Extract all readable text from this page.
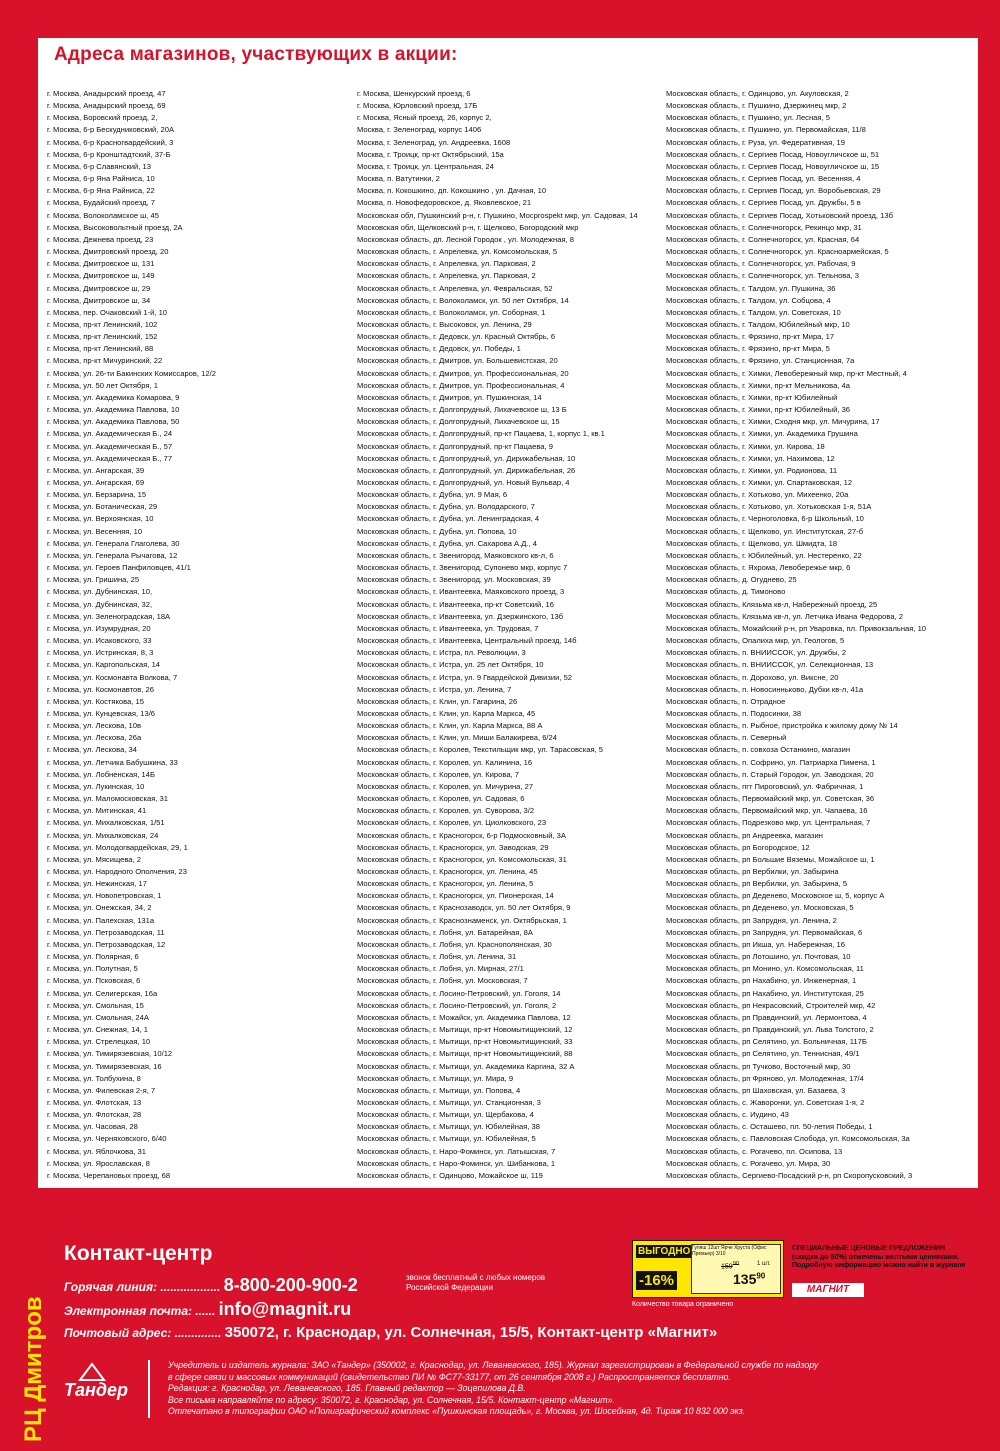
Адреса магазинов, участвующих в акции:
г. Москва, Анадырский проезд, 47
г. Москва, Анадырский проезд, 69
г. Москва, Боровский проезд, 2,
г. Москва, 6-р Бескудниковский, 20А
г. Москва, 6-р Красногвардейский, 3
г. Москва, 6-р Кронштадтский, 37-Б
г. Москва, 6-р Славянский, 13
г. Москва, 6-р Яна Райниса, 10
г. Москва, 6-р Яна Райниса, 22
г. Москва, Будайский проезд, 7
г. Москва, Волоколамское ш, 45
г. Москва, Высоковольтный проезд, 2А
г. Москва, Дежнева проезд, 23
г. Москва, Дмитровский проезд, 20
г. Москва, Дмитровское ш, 131
г. Москва, Дмитровское ш, 149
г. Москва, Дмитровское ш, 29
г. Москва, Дмитровское ш, 34
г. Москва, пер. Очаковский 1-й, 10
г. Москва, пр-кт Ленинский, 102
г. Москва, пр-кт Ленинский, 152
г. Москва, пр-кт Ленинский, 88
г. Москва, пр-кт Мичуринский, 22
г. Москва, ул. 26-ти Бакинских Комиссаров, 12/2
г. Москва, ул. 50 лет Октября, 1
г. Москва, ул. Академика Комарова, 9
г. Москва, ул. Академика Павлова, 10
г. Москва, ул. Академика Павлова, 50
г. Москва, ул. Академическая Б., 24
г. Москва, ул. Академическая Б., 57
г. Москва, ул. Академическая Б., 77
г. Москва, ул. Ангарская, 39
г. Москва, ул. Ангарская, 69
г. Москва, ул. Берзарина, 15
г. Москва, ул. Ботаническая, 29
г. Москва, ул. Верхоянская, 10
г. Москва, ул. Весенняя, 10
г. Москва, ул. Генерала Глаголева, 30
г. Москва, ул. Генерала Рычагова, 12
г. Москва, ул. Героев Панфиловцев, 41/1
г. Москва, ул. Гришина, 25
г. Москва, ул. Дубнинская, 10,
г. Москва, ул. Дубнинская, 32,
г. Москва, ул. Зеленоградская, 18А
г. Москва, ул. Изумрудная, 20
г. Москва, ул. Исаковского, 33
г. Москва, ул. Истринская, 8, 3
г. Москва, ул. Каргопольская, 14
г. Москва, ул. Космонавта Волкова, 7
г. Москва, ул. Космонавтов, 26
г. Москва, ул. Костякова, 15
г. Москва, ул. Кунцевская, 13/6
г. Москва, ул. Лескова, 10в
г. Москва, ул. Лескова, 26а
г. Москва, ул. Лескова, 34
г. Москва, ул. Летчика Бабушкина, 33
г. Москва, ул. Лобненская, 14Б
г. Москва, ул. Лукинская, 10
г. Москва, ул. Маломосковская, 31
г. Москва, ул. Митинская, 41
г. Москва, ул. Михалковская, 1/51
г. Москва, ул. Михалковская, 24
г. Москва, ул. Молодогвардейская, 29, 1
г. Москва, ул. Мясищева, 2
г. Москва, ул. Народного Ополчения, 23
г. Москва, ул. Нежинская, 17
г. Москва, ул. Новопетровская, 1
г. Москва, ул. Онежская, 34, 2
г. Москва, ул. Палехская, 131а
г. Москва, ул. Петрозаводская, 11
г. Москва, ул. Петрозаводская, 12
г. Москва, ул. Полярная, 6
г. Москва, ул. Полутная, 5
г. Москва, ул. Псковская, 6
г. Москва, ул. Селигерская, 16а
г. Москва, ул. Смольная, 15
г. Москва, ул. Смольная, 24А
г. Москва, ул. Снежная, 14, 1
г. Москва, ул. Стрелецкая, 10
г. Москва, ул. Тимирязевская, 10/12
г. Москва, ул. Тимирязевская, 16
г. Москва, ул. Толбухина, 8
г. Москва, ул. Филевская 2-я, 7
г. Москва, ул. Флотская, 13
г. Москва, ул. Флотская, 28
г. Москва, ул. Часовая, 28
г. Москва, ул. Черняховского, 6/40
г. Москва, ул. Яблочкова, 31
г. Москва, ул. Ярославская, 8
г. Москва, Черепановых проезд, 68
г. Москва, Шенкурский проезд, 6
г. Москва, Юрловский проезд, 17Б
г. Москва, Ясный проезд, 26, корпус 2,
Москва, г. Зеленоград, корпус 1406
Москва, г. Зеленоград, ул. Андреевка, 1608
Москва, г. Троицк, пр-кт Октябрьский, 15а
Москва, г. Троицк, ул. Центральная, 24
Москва, п. Ватутинки, 2
Москва, п. Кокошкино, дп. Кокошкино , ул. Дачная, 10
Москва, п. Новофедоровское, д. Яковлевское, 21
Московская обл, Пушкинский р-н, г. Пушкино, Мосprospekt мкр, ул. Садовая, 14
Московская обл, Щелковский р-н, г. Щелково, Богородский мкр
Московская область, дп. Лесной Городок , ул. Молодежная, 8
Московская область, г. Апрелевка, ул. Комсомольская, 5
Московская область, г. Апрелевка, ул. Парковая, 2
Московская область, г. Апрелевка, ул. Парковая, 2
Московская область, г. Апрелевка, ул. Февральская, 52
Московская область, г. Волоколамск, ул. 50 лет Октября, 14
Московская область, г. Волоколамск, ул. Соборная, 1
Московская область, г. Высоковск, ул. Ленина, 29
Московская область, г. Дедовск, ул. Красный Октябрь, 6
Московская область, г. Дедовск, ул. Победы, 1
Московская область, г. Дмитров, ул. Большевистская, 20
Московская область, г. Дмитров, ул. Профессиональная, 20
Московская область, г. Дмитров, ул. Профессиональная, 4
Московская область, г. Дмитров, ул. Пушкинская, 14
Московская область, г. Долгопрудный, Лихачевское ш, 13 Б
Московская область, г. Долгопрудный, Лихачевское ш, 15
Московская область, г. Долгопрудный, пр-кт Пацаева, 1, корпус 1, кв.1
Московская область, г. Долгопрудный, пр-кт Пацаева, 9
Московская область, г. Долгопрудный, ул. Дирижабельная, 10
Московская область, г. Долгопрудный, ул. Дирижабельная, 26
Московская область, г. Долгопрудный, ул. Новый Бульвар, 4
Московская область, г. Дубна, ул. 9 Мая, 6
Московская область, г. Дубна, ул. Володарского, 7
Московская область, г. Дубна, ул. Ленинградская, 4
Московская область, г. Дубна, ул. Попова, 10
Московская область, г. Дубна, ул. Сахарова А.Д., 4
Московская область, г. Звенигород, Маяковского кв-л, 6
Московская область, г. Звенигород, Супонево мкр, корпус 7
Московская область, г. Звенигород, ул. Московская, 39
Московская область, г. Ивантеевка, Маяковского проезд, 3
Московская область, г. Ивантеевка, пр-кт Советский, 16
Московская область, г. Ивантеевка, ул. Дзержинского, 13б
Московская область, г. Ивантеевка, ул. Трудовая, 7
Московская область, г. Ивантеевка, Центральный проезд, 14б
Московская область, г. Истра, пл. Революции, 3
Московская область, г. Истра, ул. 25 лет Октября, 10
Московская область, г. Истра, ул. 9 Гвардейской Дивизии, 52
Московская область, г. Истра, ул. Ленина, 7
Московская область, г. Клин, ул. Гагарина, 26
Московская область, г. Клин, ул. Карла Маркса, 45
Московская область, г. Клин, ул. Карла Маркса, 88 А
Московская область, г. Клин, ул. Миши Балакирева, 6/24
Московская область, г. Королев, Текстильщик мкр, ул. Тарасовская, 5
Московская область, г. Королев, ул. Калинина, 16
Московская область, г. Королев, ул. Кирова, 7
Московская область, г. Королев, ул. Мичурина, 27
Московская область, г. Королев, ул. Садовая, 6
Московская область, г. Королев, ул. Суворова, 3/2
Московская область, г. Королев, ул. Циолковского, 23
Московская область, г. Красногорск, 6-р Подмосковный, 3А
Московская область, г. Красногорск, ул. Заводская, 29
Московская область, г. Красногорск, ул. Комсомольская, 31
Московская область, г. Красногорск, ул. Ленина, 45
Московская область, г. Красногорск, ул. Ленина, 5
Московская область, г. Красногорск, ул. Пионерская, 14
Московская область, г. Краснозаводск, ул. 50 лет Октября, 9
Московская область, г. Краснознаменск, ул. Октябрьская, 1
Московская область, г. Лобня, ул. Батарейная, 8А
Московская область, г. Лобня, ул. Краснополянская, 30
Московская область, г. Лобня, ул. Ленина, 31
Московская область, г. Лобня, ул. Мирная, 27/1
Московская область, г. Лобня, ул. Московская, 7
Московская область, г. Лосино-Петровский, ул. Гоголя, 14
Московская область, г. Лосино-Петровский, ул. Гоголя, 2
Московская область, г. Можайск, ул. Академика Павлова, 12
Московская область, г. Мытищи, пр-кт Новомытищинский, 12
Московская область, г. Мытищи, пр-кт Новомытищинский, 33
Московская область, г. Мытищи, пр-кт Новомытищинский, 88
Московская область, г. Мытищи, ул. Академика Каргина, 32 А
Московская область, г. Мытищи, ул. Мира, 9
Московская область, г. Мытищи, ул. Попова, 4
Московская область, г. Мытищи, ул. Станционная, 3
Московская область, г. Мытищи, ул. Щербакова, 4
Московская область, г. Мытищи, ул. Юбилейная, 38
Московская область, г. Мытищи, ул. Юбилейная, 5
Московская область, г. Наро-Фоминск, ул. Латышская, 7
Московская область, г. Наро-Фоминск, ул. Шибанкова, 1
Московская область, г. Одинцово, Можайское ш, 119
Московская область, г. Одинцово, ул. Акуловская, 2
Московская область, г. Пушкино, Дзержинец мкр, 2
Московская область, г. Пушкино, ул. Лесная, 5
Московская область, г. Пушкино, ул. Первомайская, 11/8
Московская область, г. Руза, ул. Федеративная, 19
Московская область, г. Сергиев Посад, Новоугличское ш, 51
Московская область, г. Сергиев Посад, Новоугличское ш, 15
Московская область, г. Сергиев Посад, ул. Весенняя, 4
Московская область, г. Сергиев Посад, ул. Воробьевская, 29
Московская область, г. Сергиев Посад, ул. Дружбы, 5 в
Московская область, г. Сергиев Посад, Хотьковский проезд, 13б
Московская область, г. Солнечногорск, Рекинцо мкр, 31
Московская область, г. Солнечногорск, ул. Красная, 64
Московская область, г. Солнечногорск, ул. Красноармейская, 5
Московская область, г. Солнечногорск, ул. Рабочая, 9
Московская область, г. Солнечногорск, ул. Тельнова, 3
Московская область, г. Талдом, ул. Пушкина, 36
Московская область, г. Талдом, ул. Собцова, 4
Московская область, г. Талдом, ул. Советская, 10
Московская область, г. Талдом, Юбилейный мкр, 10
Московская область, г. Фрязино, пр-кт Мира, 17
Московская область, г. Фрязино, пр-кт Мира, 5
Московская область, г. Фрязино, ул. Станционная, 7а
Московская область, г. Химки, Левобережный мкр, пр-кт Местный, 4
Московская область, г. Химки, пр-кт Мельникова, 4а
Московская область, г. Химки, пр-кт Юбилейный
Московская область, г. Химки, пр-кт Юбилейный, 36
Московская область, г. Химки, Сходня мкр, ул. Мичурина, 17
Московская область, г. Химки, ул. Академика Грушина
Московская область, г. Химки, ул. Кирова, 18
Московская область, г. Химки, ул. Нахимова, 12
Московская область, г. Химки, ул. Родионова, 11
Московская область, г. Химки, ул. Спартаковская, 12
Московская область, г. Хотьково, ул. Михеенко, 20а
Московская область, г. Хотьково, ул. Хотьковская 1-я, 51А
Московская область, г. Черноголовка, 6-р Школьный, 10
Московская область, г. Щелково, ул. Институтская, 27-б
Московская область, г. Щелково, ул. Шмидта, 18
Московская область, г. Юбилейный, ул. Нестеренко, 22
Московская область, г. Яхрома, Левобережье мкр, 6
Московская область, д. Огуднево, 25
Московская область, д. Тимоново
Московская область, Клязьма кв-л, Набережный проезд, 25
Московская область, Клязьма кв-л, ул. Летчика Ивана Федорова, 2
Московская область, Можайский р-н, рп Уваровка, пл. Привокзальная, 10
Московская область, Опалиха мкр, ул. Геологов, 5
Московская область, п. ВНИИССОК, ул. Дружбы, 2
Московская область, п. ВНИИССОК, ул. Селекционная, 13
Московская область, п. Дорохово, ул. Виксне, 20
Московская область, п. Новосинньково, Дубки кв-л, 41а
Московская область, п. Отрадное
Московская область, п. Подосинки, 38
Московская область, п. Рыбное, пристройка к жилому дому № 14
Московская область, п. Северный
Московская область, п. совхоза Останкино, магазин
Московская область, п. Софрино, ул. Патриарха Пимена, 1
Московская область, п. Старый Городок, ул. Заводская, 20
Московская область, пгт Пироговский, ул. Фабричная, 1
Московская область, Первомайский мкр, ул. Советская, 36
Московская область, Первомайский мкр, ул. Чапаева, 16
Московская область, Подрезково мкр, ул. Центральная, 7
Московская область, рп Андреевка, магазин
Московская область, рп Богородское, 12
Московская область, рп Большие Вяземы, Можайское ш, 1
Московская область, рп Вербилки, ул. Забырина
Московская область, рп Вербилки, ул. Забырина, 5
Московская область, рп Деденево, Московское ш, 5, корпус А
Московская область, рп Деденево, ул. Московская, 5
Московская область, рп Запрудня, ул. Ленина, 2
Московская область, рп Запрудня, ул. Первомайская, 6
Московская область, рп Икша, ул. Набережная, 16
Московская область, рп Лотошино, ул. Почтовая, 10
Московская область, рп Монино, ул. Комсомольская, 11
Московская область, рп Нахабино, ул. Инженерная, 1
Московская область, рп Нахабино, ул. Институтская, 25
Московская область, рп Некрасовский, Строителей мкр, 42
Московская область, рп Правдинский, ул. Лермонтова, 4
Московская область, рп Правдинский, ул. Льва Толстого, 2
Московская область, рп Селятино, ул. Больничная, 117Б
Московская область, рп Селятино, ул. Теннисная, 49/1
Московская область, рп Тучково, Восточный мкр, 30
Московская область, рп Фряново, ул. Молодежная, 17/4
Московская область, рп Шаховская, ул. Базаева, 3
Московская область, с. Жаворонки, ул. Советская 1-я, 2
Московская область, с. Иудино, 43
Московская область, с. Осташево, пл. 50-летия Победы, 1
Московская область, с. Павловская Слобода, ул. Комсомольская, 3а
Московская область, с. Рогачево, пл. Осипова, 13
Московская область, с. Рогачево, ул. Мира, 30
Московская область, Сергиево-Посадский р-н, рп Скоропусковский, 3
РЦ Дмитров
Контакт-центр
Горячая линия: .................. 8-800-200-900-2	звонок бесплатный с любых номеров Российской Федерации
Электронная почта: ...... info@magnit.ru
Почтовый адрес: .............. 350072, г. Краснодар, ул. Солнечная, 15/5, Контакт-центр «Магнит»
ВЫГОДНО
-16%
Гуляш 12шт Ярче Хруста (Офис Премьер) 3/10
$159^{90}$	1 шт.
$135^{90}$
Количество товара ограничено
СПЕЦИАЛЬНЫЕ ЦЕНОВЫЕ ПРЕДЛОЖЕНИЯ (скидка до 50%) отмечены желтыми ценниками. Подробную информацию можно найти в журнале
МАГНИТ
Тандер
Учредитель и издатель журнала: ЗАО «Тандер» (350002, г. Краснодар, ул. Леваневского, 185). Журнал зарегистрирован в Федеральной службе по надзору
в сфере связи и массовых коммуникаций (свидетельство ПИ № ФС77-33177, от 26 сентября 2008 г.) Распространяется бесплатно.
Редакция: г. Краснодар, ул. Леваневского, 185. Главный редактор — Зоцепилова Д.В.
Все письма направляйте по адресу: 350072, г. Краснодар, ул. Солнечная, 15/5. Контакт-центр «Магнит».
Отпечатано в типографии ОАО «Полиграфический комплекс «Пушкинская площадь», г. Москва, ул. Шосейная, 4д. Тираж 10 832 000 экз.
